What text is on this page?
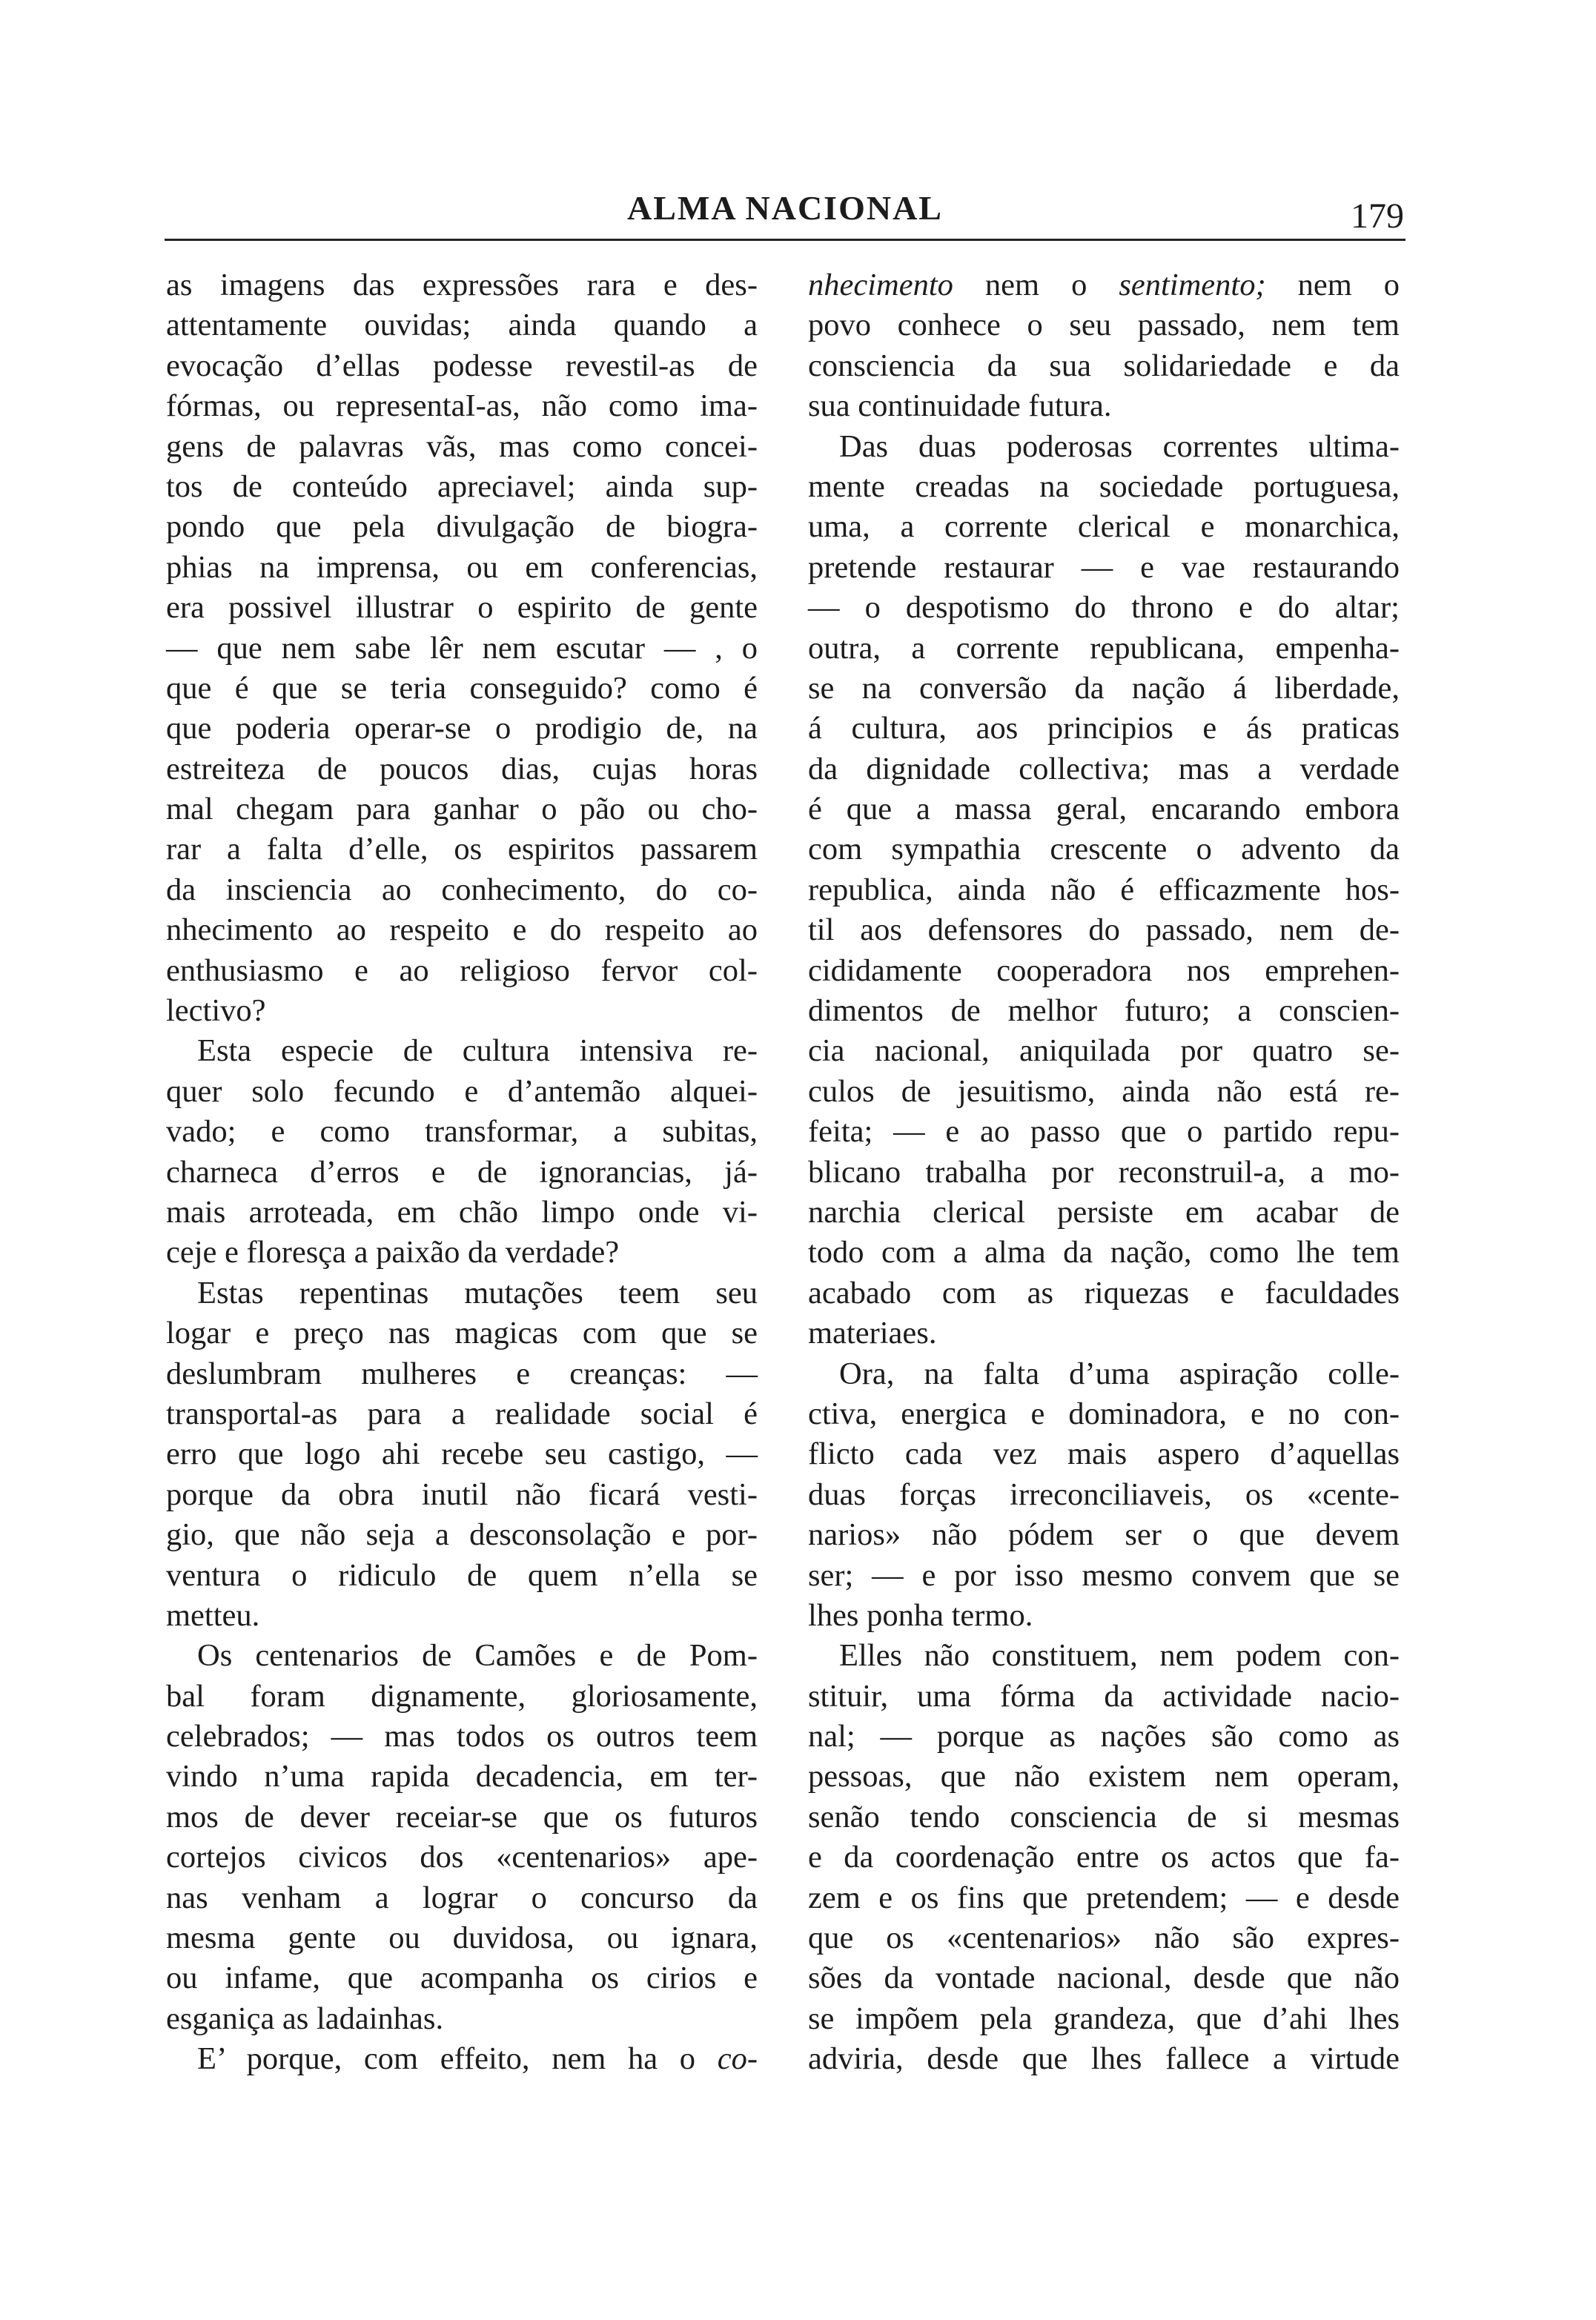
ALMA NACIONAL	179
as imagens das expressões rara e des-
attentamente ouvidas; ainda quando a
evocação d’ellas podesse revestil-as de
fórmas, ou representaI-as, não como ima-
gens de palavras vãs, mas como concei-
tos de conteúdo apreciavel; ainda sup-
pondo que pela divulgação de biogra-
phias na imprensa, ou em conferencias,
era possivel illustrar o espirito de gente
— que nem sabe lêr nem escutar — , o
que é que se teria conseguido? como é
que poderia operar-se o prodigio de, na
estreiteza de poucos dias, cujas horas
mal chegam para ganhar o pão ou cho-
rar a falta d’elle, os espiritos passarem
da insciencia ao conhecimento, do co-
nhecimento ao respeito e do respeito ao
enthusiasmo e ao religioso fervor col-
lectivo?
Esta especie de cultura intensiva re-
quer solo fecundo e d’antemão alquei-
vado; e como transformar, a subitas,
charneca d’erros e de ignorancias, já-
mais arroteada, em chão limpo onde vi-
ceje e floresça a paixão da verdade?
Estas repentinas mutações teem seu
logar e preço nas magicas com que se
deslumbram mulheres e creanças: —
transportal-as para a realidade social é
erro que logo ahi recebe seu castigo, —
porque da obra inutil não ficará vesti-
gio, que não seja a desconsolação e por-
ventura o ridiculo de quem n’ella se
metteu.
Os centenarios de Camões e de Pom-
bal foram dignamente, gloriosamente,
celebrados; — mas todos os outros teem
vindo n’uma rapida decadencia, em ter-
mos de dever receiar-se que os futuros
cortejos civicos dos «centenarios» ape-
nas venham a lograr o concurso da
mesma gente ou duvidosa, ou ignara,
ou infame, que acompanha os cirios e
esganiça as ladainhas.
E’ porque, com effeito, nem ha o co-
nhecimento nem o sentimento; nem o
povo conhece o seu passado, nem tem
consciencia da sua solidariedade e da
sua continuidade futura.
Das duas poderosas correntes ultima-
mente creadas na sociedade portuguesa,
uma, a corrente clerical e monarchica,
pretende restaurar — e vae restaurando
— o despotismo do throno e do altar;
outra, a corrente republicana, empenha-
se na conversão da nação á liberdade,
á cultura, aos principios e ás praticas
da dignidade collectiva; mas a verdade
é que a massa geral, encarando embora
com sympathia crescente o advento da
republica, ainda não é efficazmente hos-
til aos defensores do passado, nem de-
cididamente cooperadora nos emprehen-
dimentos de melhor futuro; a conscien-
cia nacional, aniquilada por quatro se-
culos de jesuitismo, ainda não está re-
feita; — e ao passo que o partido repu-
blicano trabalha por reconstruil-a, a mo-
narchia clerical persiste em acabar de
todo com a alma da nação, como lhe tem
acabado com as riquezas e faculdades
materiaes.
Ora, na falta d’uma aspiração colle-
ctiva, energica e dominadora, e no con-
flicto cada vez mais aspero d’aquellas
duas forças irreconciliaveis, os «cente-
narios» não pódem ser o que devem
ser; — e por isso mesmo convem que se
lhes ponha termo.
Elles não constituem, nem podem con-
stituir, uma fórma da actividade nacio-
nal; — porque as nações são como as
pessoas, que não existem nem operam,
senão tendo consciencia de si mesmas
e da coordenação entre os actos que fa-
zem e os fins que pretendem; — e desde
que os «centenarios» não são expres-
sões da vontade nacional, desde que não
se impõem pela grandeza, que d’ahi lhes
adviria, desde que lhes fallece a virtude
